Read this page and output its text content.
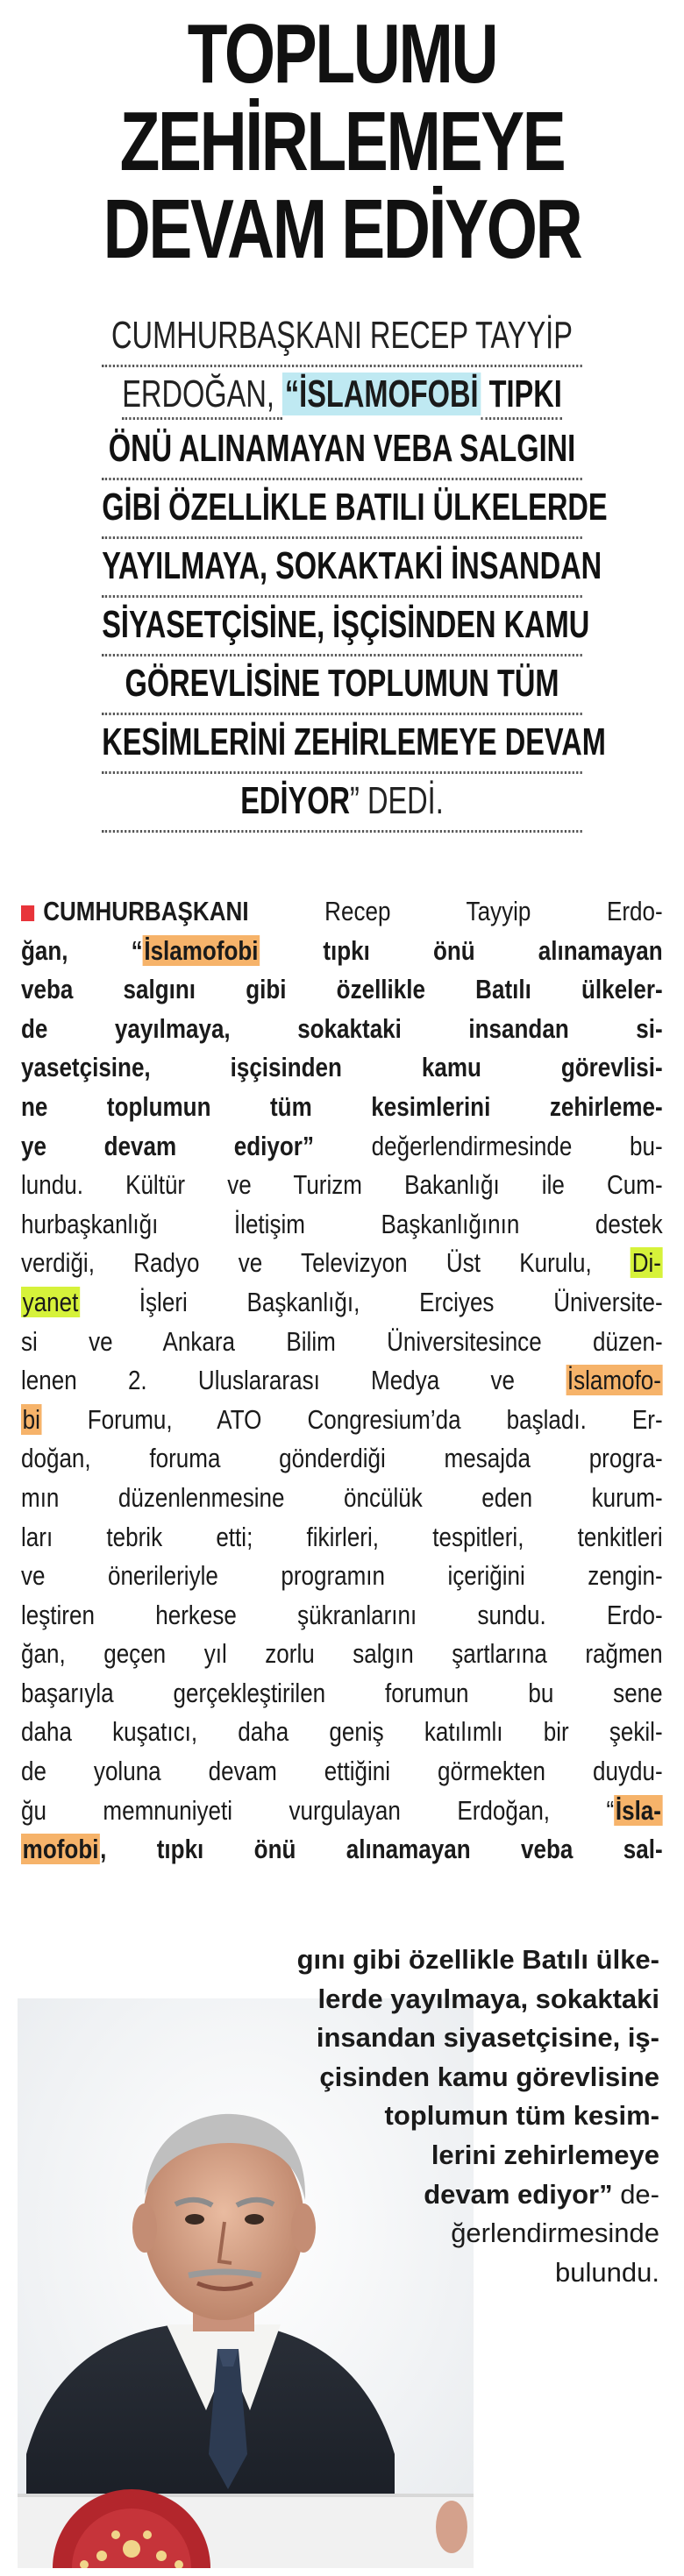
TOPLUMU
ZEHİRLEMEYE
DEVAM EDİYOR
CUMHURBAŞKANI RECEP TAYYİP
ERDOĞAN, “İSLAMOFOBİ TIPKI
ÖNÜ ALINAMAYAN VEBA SALGINI
GİBİ ÖZELLİKLE BATILI ÜLKELERDE
YAYILMAYA, SOKAKTAKİ İNSANDAN
SİYASETÇİSİNE, İŞÇİSİNDEN KAMU
GÖREVLİSİNE TOPLUMUN TÜM
KESİMLERİNİ ZEHİRLEMEYE DEVAM
EDİYOR” DEDİ.
CUMHURBAŞKANI Recep Tayyip Erdo-
ğan, “İslamofobi tıpkı önü alınamayan
veba salgını gibi özellikle Batılı ülkeler-
de yayılmaya, sokaktaki insandan si-
yasetçisine, işçisinden kamu görevlisi-
ne toplumun tüm kesimlerini zehirleme-
ye devam ediyor” değerlendirmesinde bu-
lundu. Kültür ve Turizm Bakanlığı ile Cum-
hurbaşkanlığı İletişim Başkanlığının destek
verdiği, Radyo ve Televizyon Üst Kurulu, Di-
yanet İşleri Başkanlığı, Erciyes Üniversite-
si ve Ankara Bilim Üniversitesince düzen-
lenen 2. Uluslararası Medya ve İslamofo-
bi Forumu, ATO Congresium’da başladı. Er-
doğan, foruma gönderdiği mesajda progra-
mın düzenlenmesine öncülük eden kurum-
ları tebrik etti; fikirleri, tespitleri, tenkitleri
ve önerileriyle programın içeriğini zengin-
leştiren herkese şükranlarını sundu. Erdo-
ğan, geçen yıl zorlu salgın şartlarına rağmen
başarıyla gerçekleştirilen forumun bu sene
daha kuşatıcı, daha geniş katılımlı bir şekil-
de yoluna devam ettiğini görmekten duydu-
ğu memnuniyeti vurgulayan Erdoğan, “İsla-
mofobi, tıpkı önü alınamayan veba sal-
gını gibi özellikle Batılı ülke-
lerde yayılmaya, sokaktaki
insandan siyasetçisine, iş-
çisinden kamu görevlisine
toplumun tüm kesim-
lerini zehirlemeye
devam ediyor” de-
ğerlendirmesinde
bulundu.
